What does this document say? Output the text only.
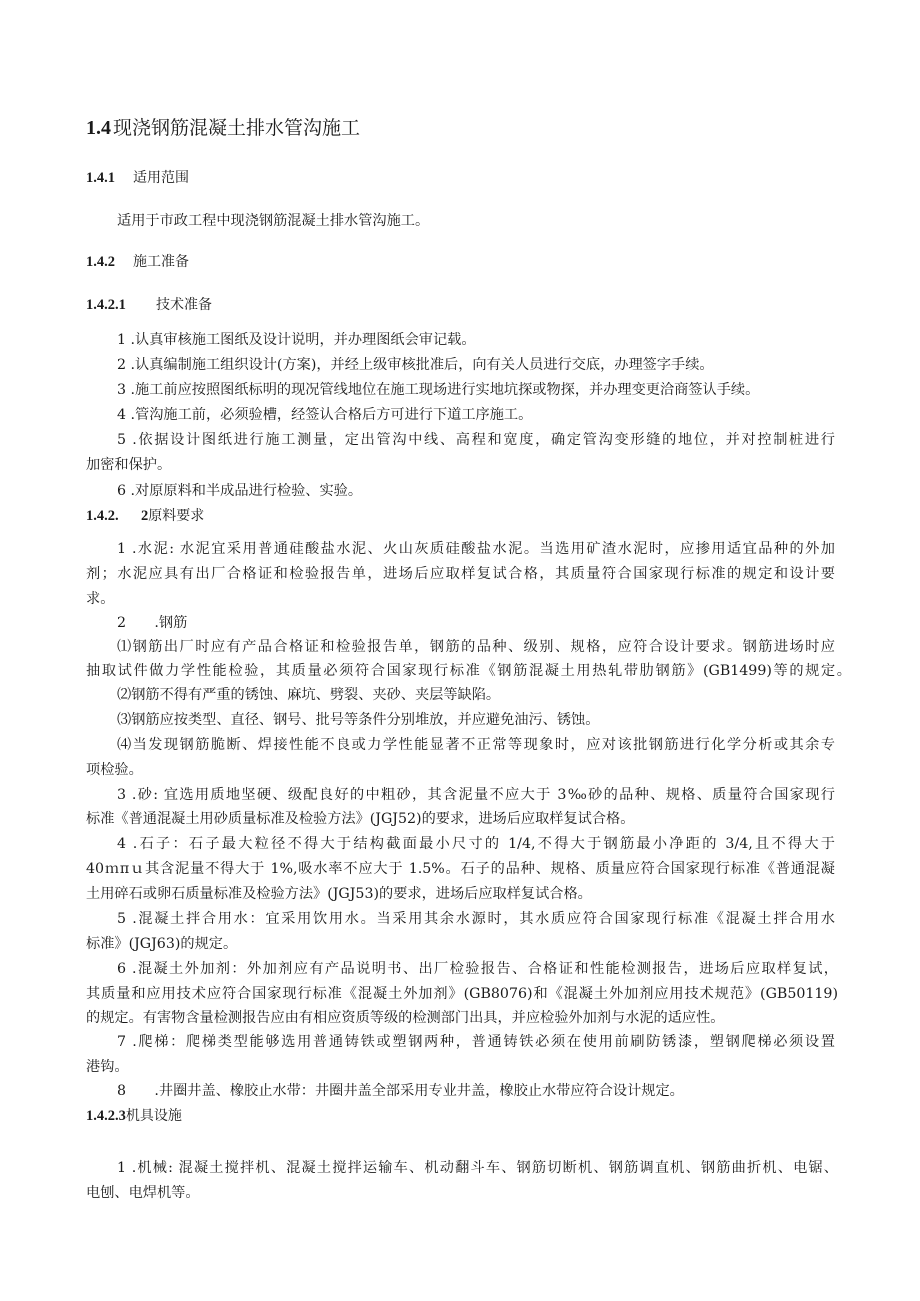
1.4 现浇钢筋混凝土排水管沟施工
1.4.1 适用范围
适用于市政工程中现浇钢筋混凝土排水管沟施工。
1.4.2 施工准备
1.4.2.1 技术准备
1 .认真审核施工图纸及设计说明，并办理图纸会审记载。
2 .认真编制施工组织设计(方案)，并经上级审核批准后，向有关人员进行交底，办理签字手续。
3 .施工前应按照图纸标明的现况管线地位在施工现场进行实地坑探或物探，并办理变更洽商签认手续。
4 .管沟施工前，必须验槽，经签认合格后方可进行下道工序施工。
5 .依据设计图纸进行施工测量，定出管沟中线、高程和宽度，确定管沟变形缝的地位，并对控制桩进行
加密和保护。
6 .对原原料和半成品进行检验、实验。
1.4.2. 2原料要求
1 .水泥: 水泥宜采用普通硅酸盐水泥、火山灰质硅酸盐水泥。当选用矿渣水泥时，应掺用适宜品种的外加
剂；水泥应具有出厂合格证和检验报告单，进场后应取样复试合格，其质量符合国家现行标准的规定和设计要
求。
2　　.钢筋
⑴钢筋出厂时应有产品合格证和检验报告单，钢筋的品种、级别、规格，应符合设计要求。钢筋进场时应
抽取试件做力学性能检验，其质量必须符合国家现行标准《钢筋混凝土用热轧带肋钢筋》(GB1499)等的规定。
⑵钢筋不得有严重的锈蚀、麻坑、劈裂、夹砂、夹层等缺陷。
⑶钢筋应按类型、直径、钢号、批号等条件分别堆放，并应避免油污、锈蚀。
⑷当发现钢筋脆断、焊接性能不良或力学性能显著不正常等现象时，应对该批钢筋进行化学分析或其余专
项检验。
3 .砂: 宜选用质地坚硬、级配良好的中粗砂，其含泥量不应大于 3‰砂的品种、规格、质量符合国家现行
标准《普通混凝土用砂质量标准及检验方法》(JGJ52)的要求，进场后应取样复试合格。
4 .石子：石子最大粒径不得大于结构截面最小尺寸的 1/4,不得大于钢筋最小净距的 3/4,且不得大于
40ｍπｕ其含泥量不得大于 1%,吸水率不应大于 1.5%。石子的品种、规格、质量应符合国家现行标准《普通混凝
土用碎石或卵石质量标准及检验方法》(JGJ53)的要求，进场后应取样复试合格。
5 .混凝土拌合用水：宜采用饮用水。当采用其余水源时，其水质应符合国家现行标准《混凝土拌合用水
标准》(JGJ63)的规定。
6 .混凝土外加剂：外加剂应有产品说明书、出厂检验报告、合格证和性能检测报告，进场后应取样复试，
其质量和应用技术应符合国家现行标准《混凝土外加剂》(GB8076)和《混凝土外加剂应用技术规范》(GB50119)
的规定。有害物含量检测报告应由有相应资质等级的检测部门出具，并应检验外加剂与水泥的适应性。
7 .爬梯：爬梯类型能够选用普通铸铁或塑钢两种，普通铸铁必须在使用前刷防锈漆，塑钢爬梯必须设置
港钩。
8　　.井圈井盖、橡胶止水带：井圈井盖全部采用专业井盖，橡胶止水带应符合设计规定。
1.4.2.3机具设施
1 .机械: 混凝土搅拌机、混凝土搅拌运输车、机动翻斗车、钢筋切断机、钢筋调直机、钢筋曲折机、电锯、
电刨、电焊机等。
